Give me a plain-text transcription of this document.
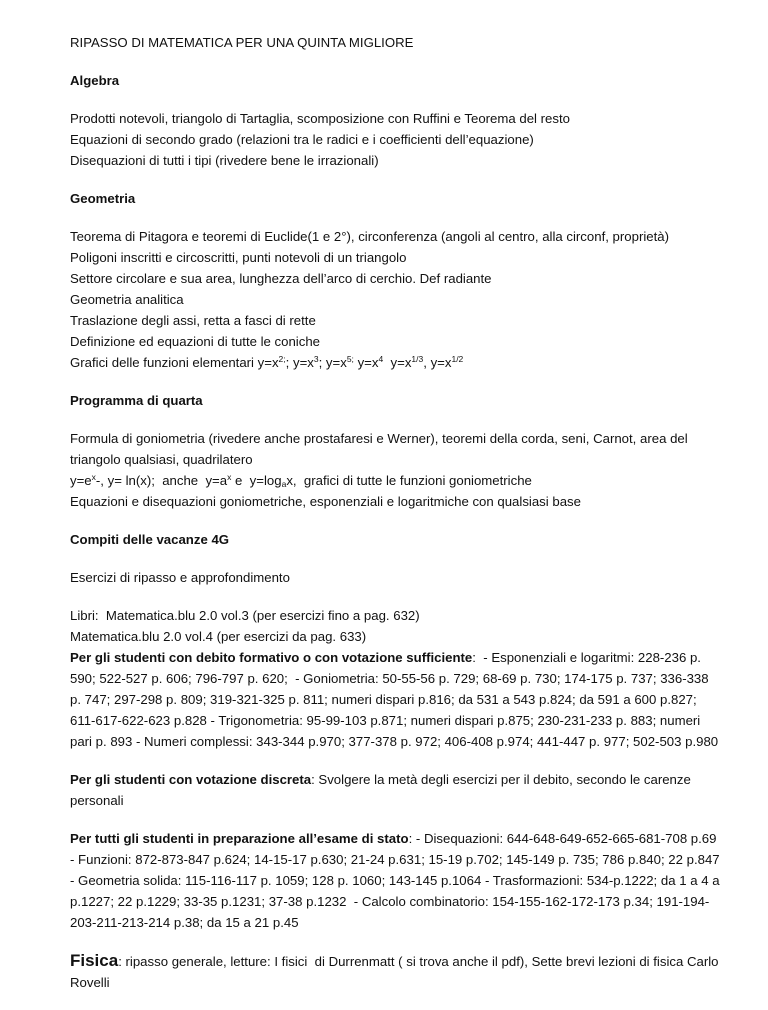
RIPASSO DI MATEMATICA PER UNA QUINTA MIGLIORE
Algebra
Prodotti notevoli, triangolo di Tartaglia, scomposizione con Ruffini e Teorema del resto
Equazioni di secondo grado (relazioni tra le radici e i coefficienti dell’equazione)
Disequazioni di tutti i tipi (rivedere bene le irrazionali)
Geometria
Teorema di Pitagora e teoremi di Euclide(1 e 2°), circonferenza (angoli al centro, alla circonf, proprietà)
Poligoni inscritti e circoscritti, punti notevoli di un triangolo
Settore circolare e sua area, lunghezza dell’arco di cerchio. Def radiante
Geometria analitica
Traslazione degli assi, retta a fasci di rette
Definizione ed equazioni di tutte le coniche
Grafici delle funzioni elementari $y=x^{2;}$; $y=x^3$; $y=x^{5;}$ $y=x^4$ $y=x^{1/3}$, $y=x^{1/2}$
Programma di quarta
Formula di goniometria (rivedere anche prostafaresi e Werner), teoremi della corda, seni, Carnot, area del triangolo qualsiasi, quadrilatero
$y=e^x-$, y= ln(x);  anche  $y=a^x$ e  $y=\log_ax$,  grafici di tutte le funzioni goniometriche
Equazioni e disequazioni goniometriche, esponenziali e logaritmiche con qualsiasi base
Compiti delle vacanze 4G
Esercizi di ripasso e approfondimento
Libri:  Matematica.blu 2.0 vol.3 (per esercizi fino a pag. 632)
Matematica.blu 2.0 vol.4 (per esercizi da pag. 633)
Per gli studenti con debito formativo o con votazione sufficiente:  - Esponenziali e logaritmi: 228-236 p. 590; 522-527 p. 606; 796-797 p. 620;  - Goniometria: 50-55-56 p. 729; 68-69 p. 730; 174-175 p. 737; 336-338 p. 747; 297-298 p. 809; 319-321-325 p. 811; numeri dispari p.816; da 531 a 543 p.824; da 591 a 600 p.827; 611-617-622-623 p.828 - Trigonometria: 95-99-103 p.871; numeri dispari p.875; 230-231-233 p. 883; numeri pari p. 893 - Numeri complessi: 343-344 p.970; 377-378 p. 972; 406-408 p.974; 441-447 p. 977; 502-503 p.980
Per gli studenti con votazione discreta: Svolgere la metà degli esercizi per il debito, secondo le carenze personali
Per tutti gli studenti in preparazione all’esame di stato: - Disequazioni: 644-648-649-652-665-681-708 p.69 - Funzioni: 872-873-847 p.624; 14-15-17 p.630; 21-24 p.631; 15-19 p.702; 145-149 p. 735; 786 p.840; 22 p.847 - Geometria solida: 115-116-117 p. 1059; 128 p. 1060; 143-145 p.1064 - Trasformazioni: 534-p.1222; da 1 a 4 a p.1227; 22 p.1229; 33-35 p.1231; 37-38 p.1232  - Calcolo combinatorio: 154-155-162-172-173 p.34; 191-194-203-211-213-214 p.38; da 15 a 21 p.45
Fisica: ripasso generale, letture: I fisici  di Durrenmatt ( si trova anche il pdf), Sette brevi lezioni di fisica Carlo Rovelli
